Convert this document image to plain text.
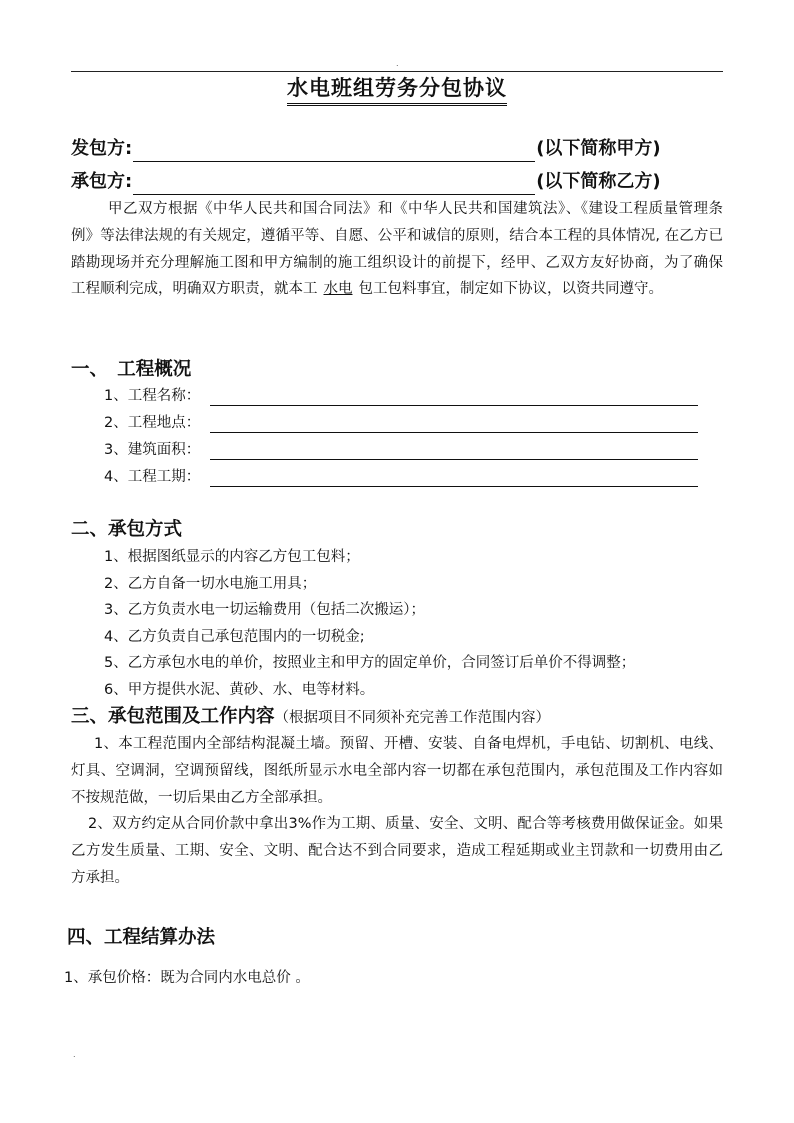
.
水电班组劳务分包协议
发包方:	(以下简称甲方)
承包方:	(以下简称乙方)
甲乙双方根据《中华人民共和国合同法》和《中华人民共和国建筑法》、《建设工程质量管理条例》等法律法规的有关规定，遵循平等、自愿、公平和诚信的原则，结合本工程的具体情况, 在乙方已踏勘现场并充分理解施工图和甲方编制的施工组织设计的前提下，经甲、乙双方友好协商，为了确保工程顺利完成，明确双方职责，就本工 水电 包工包料事宜，制定如下协议，以资共同遵守。
一、　工程概况
1、工程名称：
2、工程地点：
3、建筑面积：
4、工程工期：
二、承包方式
1、根据图纸显示的内容乙方包工包料；
2、乙方自备一切水电施工用具；
3、乙方负责水电一切运输费用（包括二次搬运）；
4、乙方负责自己承包范围内的一切税金;
5、乙方承包水电的单价，按照业主和甲方的固定单价，合同签订后单价不得调整；
6、甲方提供水泥、黄砂、水、电等材料。
三、承包范围及工作内容（根据项目不同须补充完善工作范围内容）
1、本工程范围内全部结构混凝土墙。预留、开槽、安装、自备电焊机，手电钻、切割机、电线、灯具、空调洞，空调预留线，图纸所显示水电全部内容一切都在承包范围内，承包范围及工作内容如不按规范做，一切后果由乙方全部承担。
2、双方约定从合同价款中拿出3%作为工期、质量、安全、文明、配合等考核费用做保证金。如果乙方发生质量、工期、安全、文明、配合达不到合同要求，造成工程延期或业主罚款和一切费用由乙方承担。
四、工程结算办法
1、承包价格：既为合同内水电总价 。
.
